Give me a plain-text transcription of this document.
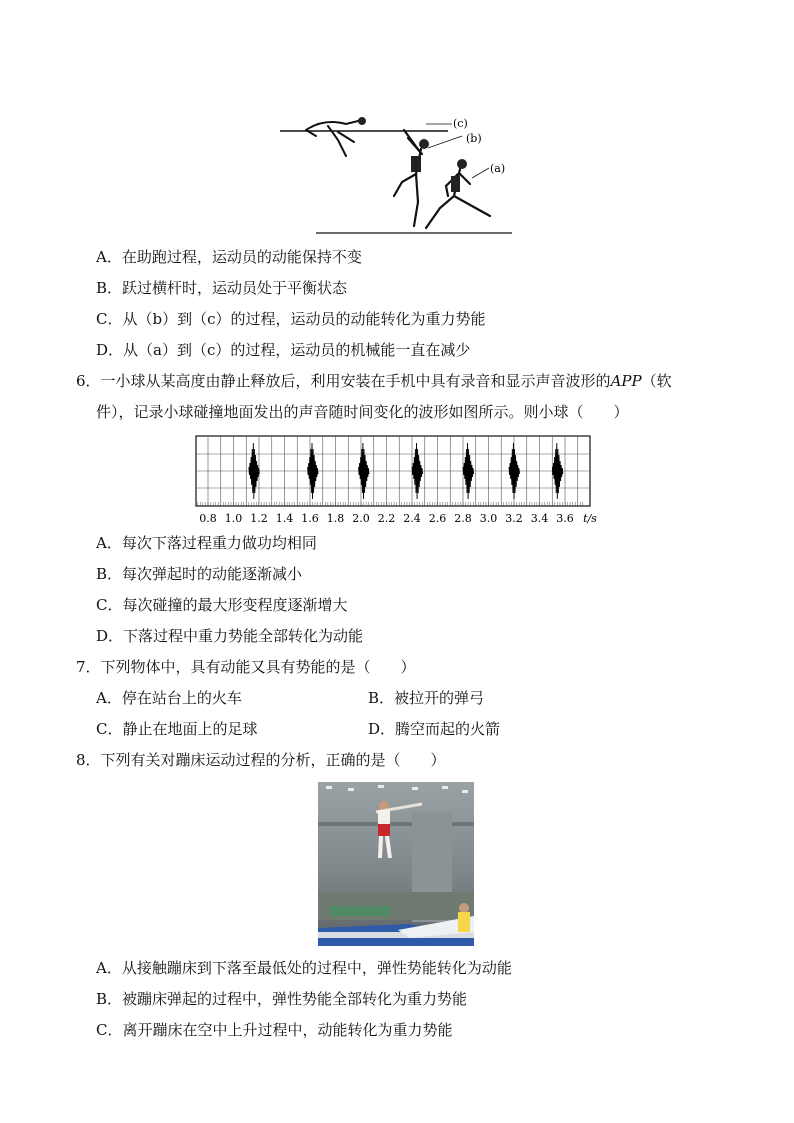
(c)
(b)
(a)
A．在助跑过程，运动员的动能保持不变
B．跃过横杆时，运动员处于平衡状态
C．从（b）到（c）的过程，运动员的动能转化为重力势能
D．从（a）到（c）的过程，运动员的机械能一直在减少
6．一小球从某高度由静止释放后，利用安装在手机中具有录音和显示声音波形的APP（软
件），记录小球碰撞地面发出的声音随时间变化的波形如图所示。则小球（　　）
0.8 1.0 1.2 1.4 1.6 1.8 2.0 2.2 2.4 2.6 2.8 3.0 3.2 3.4 3.6 t/s
A．每次下落过程重力做功均相同
B．每次弹起时的动能逐渐减小
C．每次碰撞的最大形变程度逐渐增大
D．下落过程中重力势能全部转化为动能
7．下列物体中，具有动能又具有势能的是（　　）
A．停在站台上的火车	B．被拉开的弹弓
C．静止在地面上的足球	D．腾空而起的火箭
8．下列有关对蹦床运动过程的分析，正确的是（　　）
A．从接触蹦床到下落至最低处的过程中，弹性势能转化为动能
B．被蹦床弹起的过程中，弹性势能全部转化为重力势能
C．离开蹦床在空中上升过程中，动能转化为重力势能
